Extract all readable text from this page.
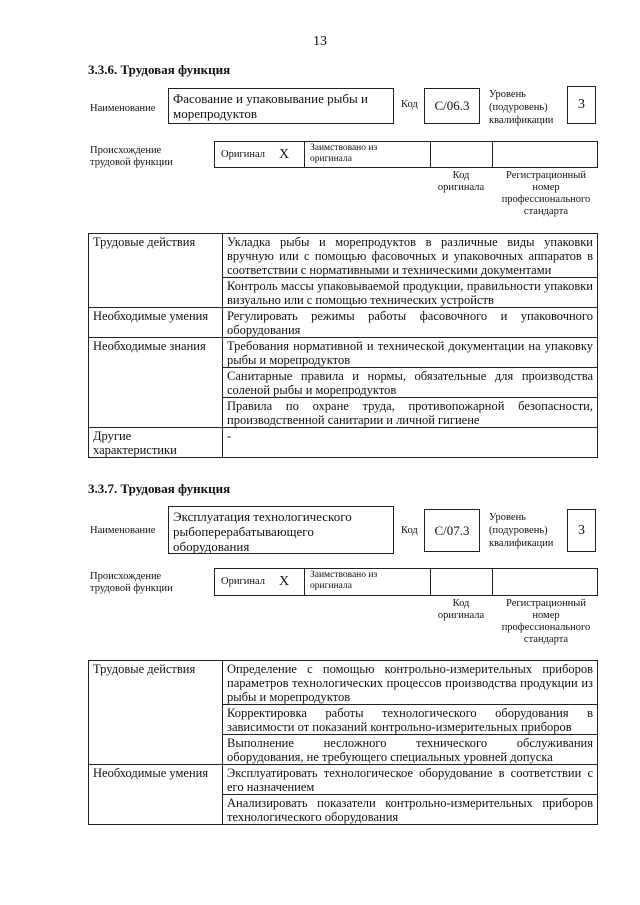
13
3.3.6. Трудовая функция
Наименование
Фасование и упаковывание рыбы и морепродуктов
Код C/06.3
Уровень (подуровень) квалификации
3
Происхождение трудовой функции
Оригинал X Заимствовано из оригинала
Код оригинала
Регистрационный номер профессионального стандарта
Трудовые действия	Укладка рыбы и морепродуктов в различные виды упаковки вручную или с помощью фасовочных и упаковочных аппаратов в соответствии с нормативными и техническими документами
	Контроль массы упаковываемой продукции, правильности упаковки визуально или с помощью технических устройств
Необходимые умения	Регулировать режимы работы фасовочного и упаковочного оборудования
Необходимые знания	Требования нормативной и технической документации на упаковку рыбы и морепродуктов
	Санитарные правила и нормы, обязательные для производства соленой рыбы и морепродуктов
	Правила по охране труда, противопожарной безопасности, производственной санитарии и личной гигиене
Другие характеристики	-
3.3.7. Трудовая функция
Наименование
Эксплуатация технологического рыбоперерабатывающего оборудования
Код C/07.3
Уровень (подуровень) квалификации
3
Происхождение трудовой функции
Оригинал X Заимствовано из оригинала
Код оригинала
Регистрационный номер профессионального стандарта
Трудовые действия	Определение с помощью контрольно-измерительных приборов параметров технологических процессов производства продукции из рыбы и морепродуктов
	Корректировка работы технологического оборудования в зависимости от показаний контрольно-измерительных приборов
	Выполнение несложного технического обслуживания оборудования, не требующего специальных уровней допуска
Необходимые умения	Эксплуатировать технологическое оборудование в соответствии с его назначением
	Анализировать показатели контрольно-измерительных приборов технологического оборудования
